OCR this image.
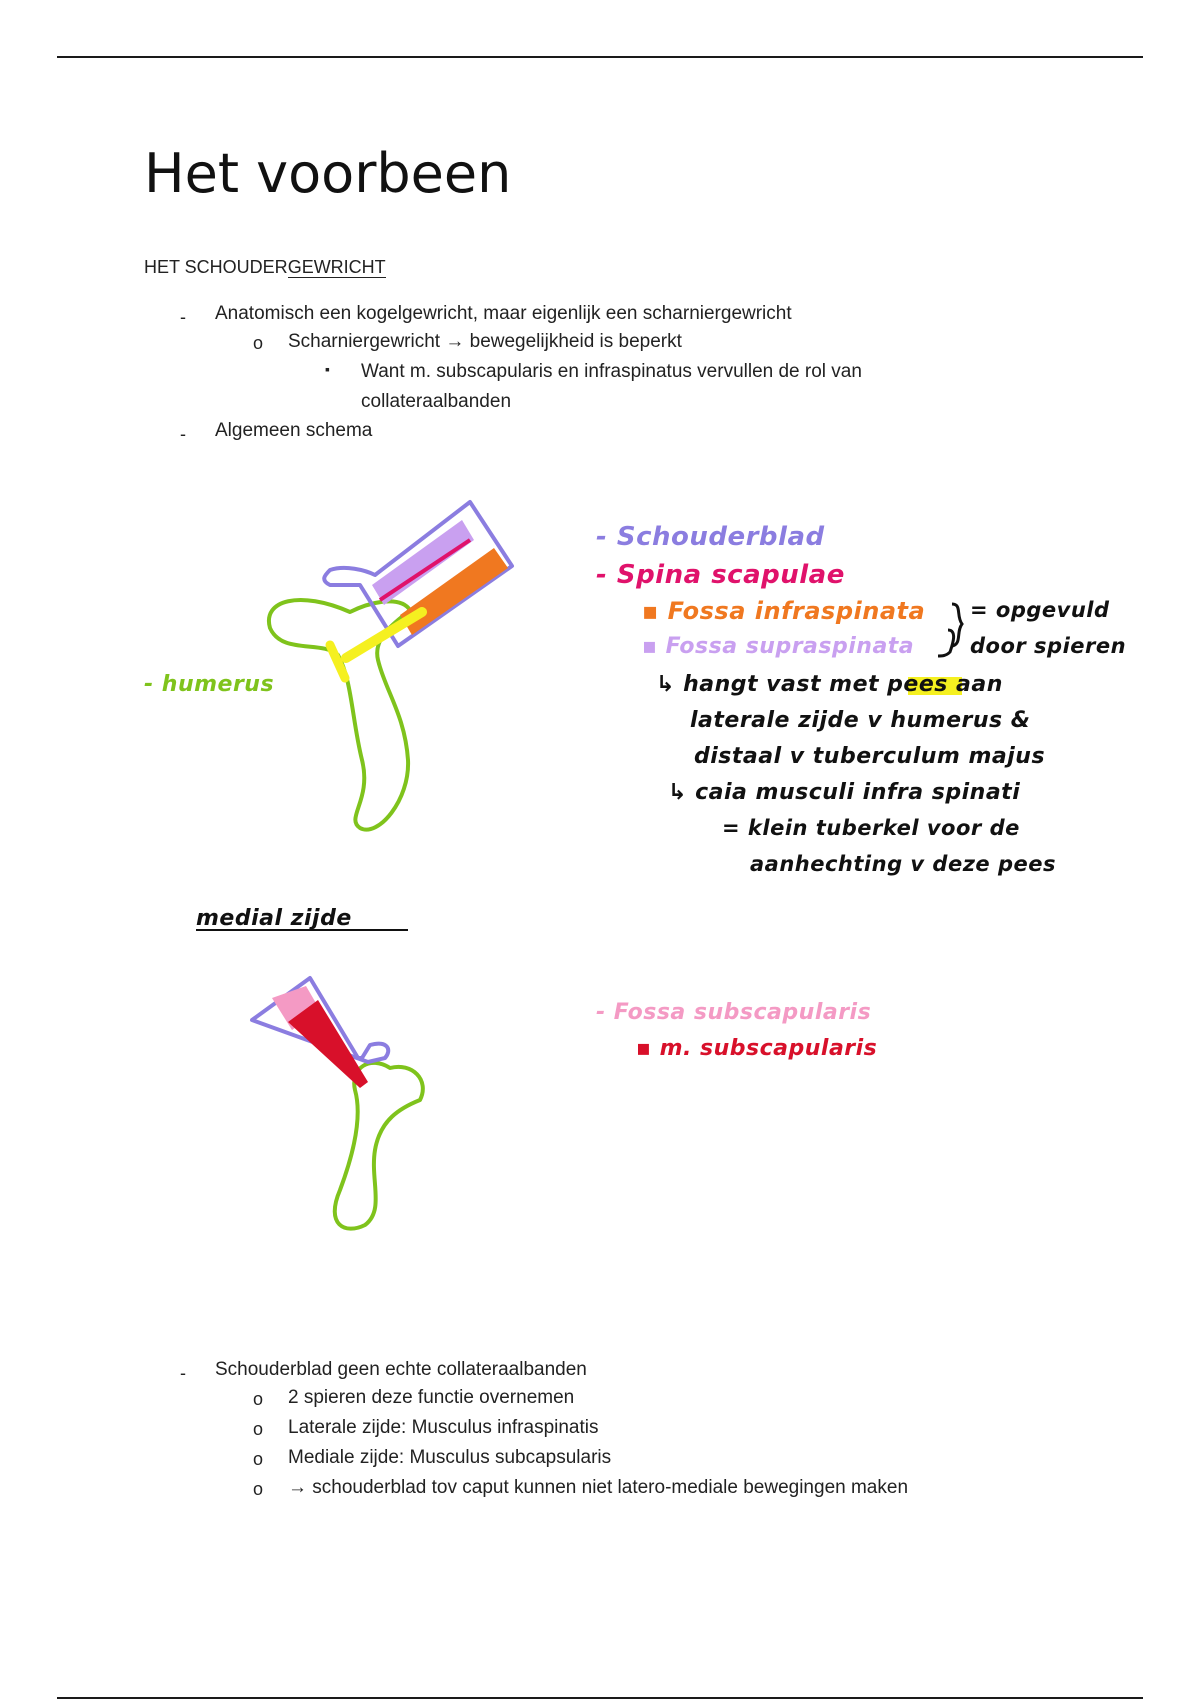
Het voorbeen
HET SCHOUDERGEWRICHT
- Anatomisch een kogelgewricht, maar eigenlijk een scharniergewricht
o Scharniergewricht → bewegelijkheid is beperkt
▪ Want m. subscapularis en infraspinatus vervullen de rol van
collateraalbanden
- Algemeen schema
- humerus
- Schouderblad
- Spina scapulae
▪ Fossa infraspinata
▪ Fossa supraspinata
= opgevuld
door spieren
↳ hangt vast met pees aan
laterale zijde v humerus &
distaal v tuberculum majus
↳ caia musculi infra spinati
= klein tuberkel voor de
aanhechting v deze pees
medial zijde
- Fossa subscapularis
▪ m. subscapularis
- Schouderblad geen echte collateraalbanden
o 2 spieren deze functie overnemen
o Laterale zijde: Musculus infraspinatis
o Mediale zijde: Musculus subcapsularis
o → schouderblad tov caput kunnen niet latero-mediale bewegingen maken
